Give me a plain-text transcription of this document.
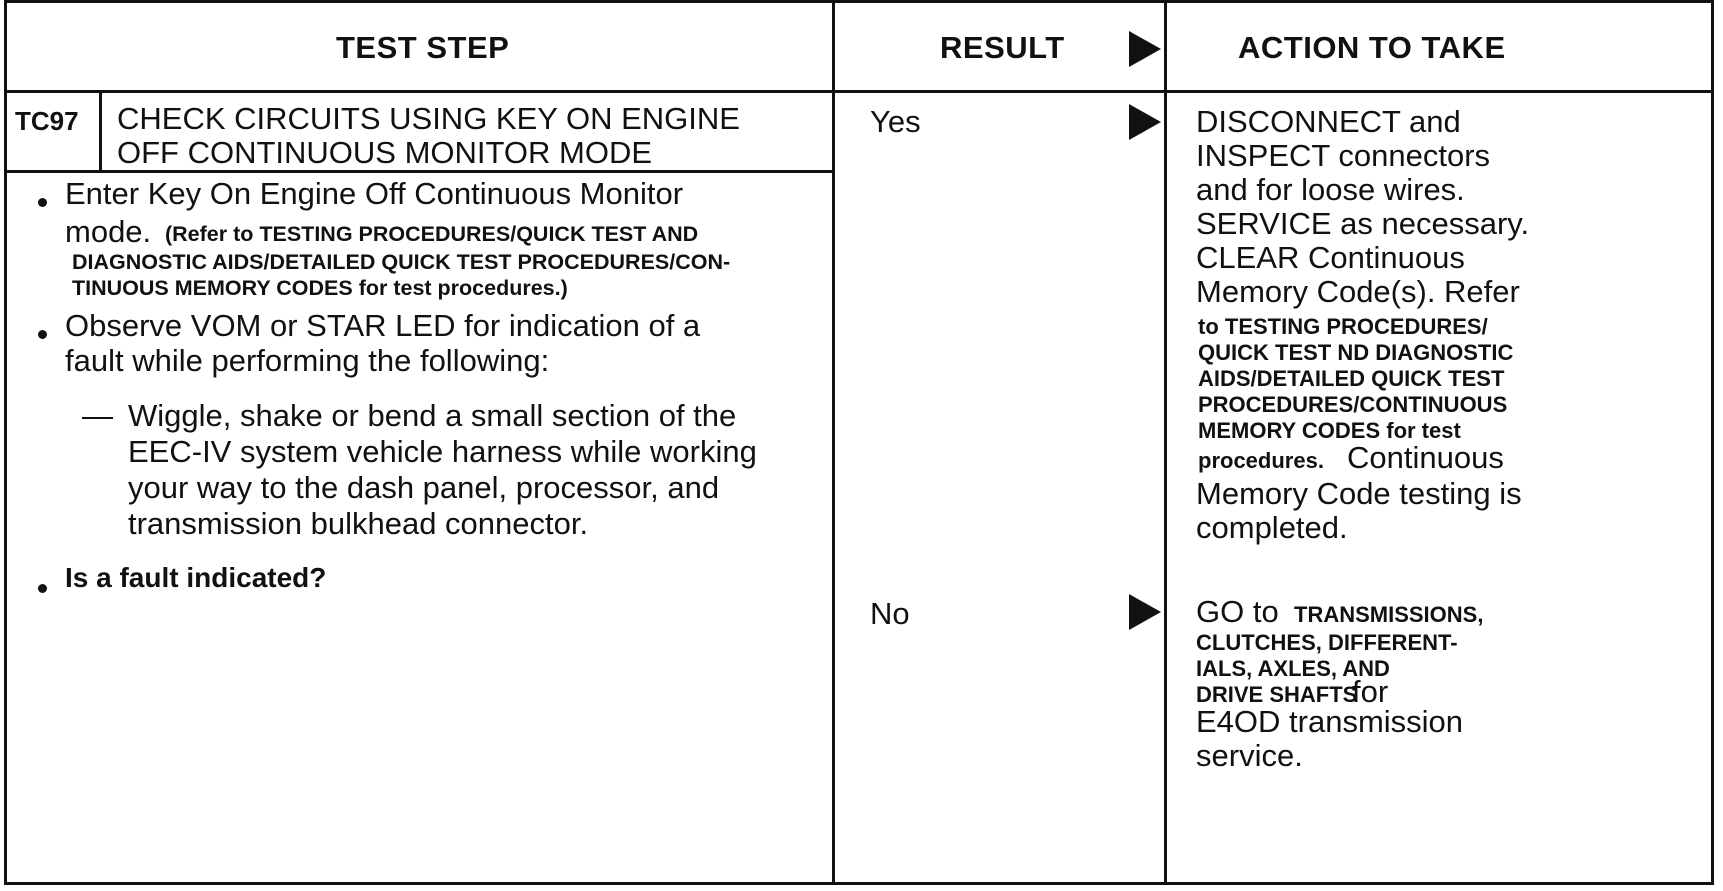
TEST STEP	RESULT	ACTION TO TAKE
TC97 CHECK CIRCUITS USING KEY ON ENGINE
OFF CONTINUOUS MONITOR MODE
Enter Key On Engine Off Continuous Monitor
mode. (Refer to TESTING PROCEDURES/QUICK TEST AND
DIAGNOSTIC AIDS/DETAILED QUICK TEST PROCEDURES/CON-
TINUOUS MEMORY CODES for test procedures.)
Observe VOM or STAR LED for indication of a
fault while performing the following:
— Wiggle, shake or bend a small section of the
EEC-IV system vehicle harness while working
your way to the dash panel, processor, and
transmission bulkhead connector.
Is a fault indicated?
Yes
No
DISCONNECT and
INSPECT connectors
and for loose wires.
SERVICE as necessary.
CLEAR Continuous
Memory Code(s). Refer
to TESTING PROCEDURES/
QUICK TEST ND DIAGNOSTIC
AIDS/DETAILED QUICK TEST
PROCEDURES/CONTINUOUS
MEMORY CODES for test
procedures. Continuous
Memory Code testing is
completed.
GO to TRANSMISSIONS,
CLUTCHES, DIFFERENT-
IALS, AXLES, AND
DRIVE SHAFTS
for
E4OD transmission
service.
